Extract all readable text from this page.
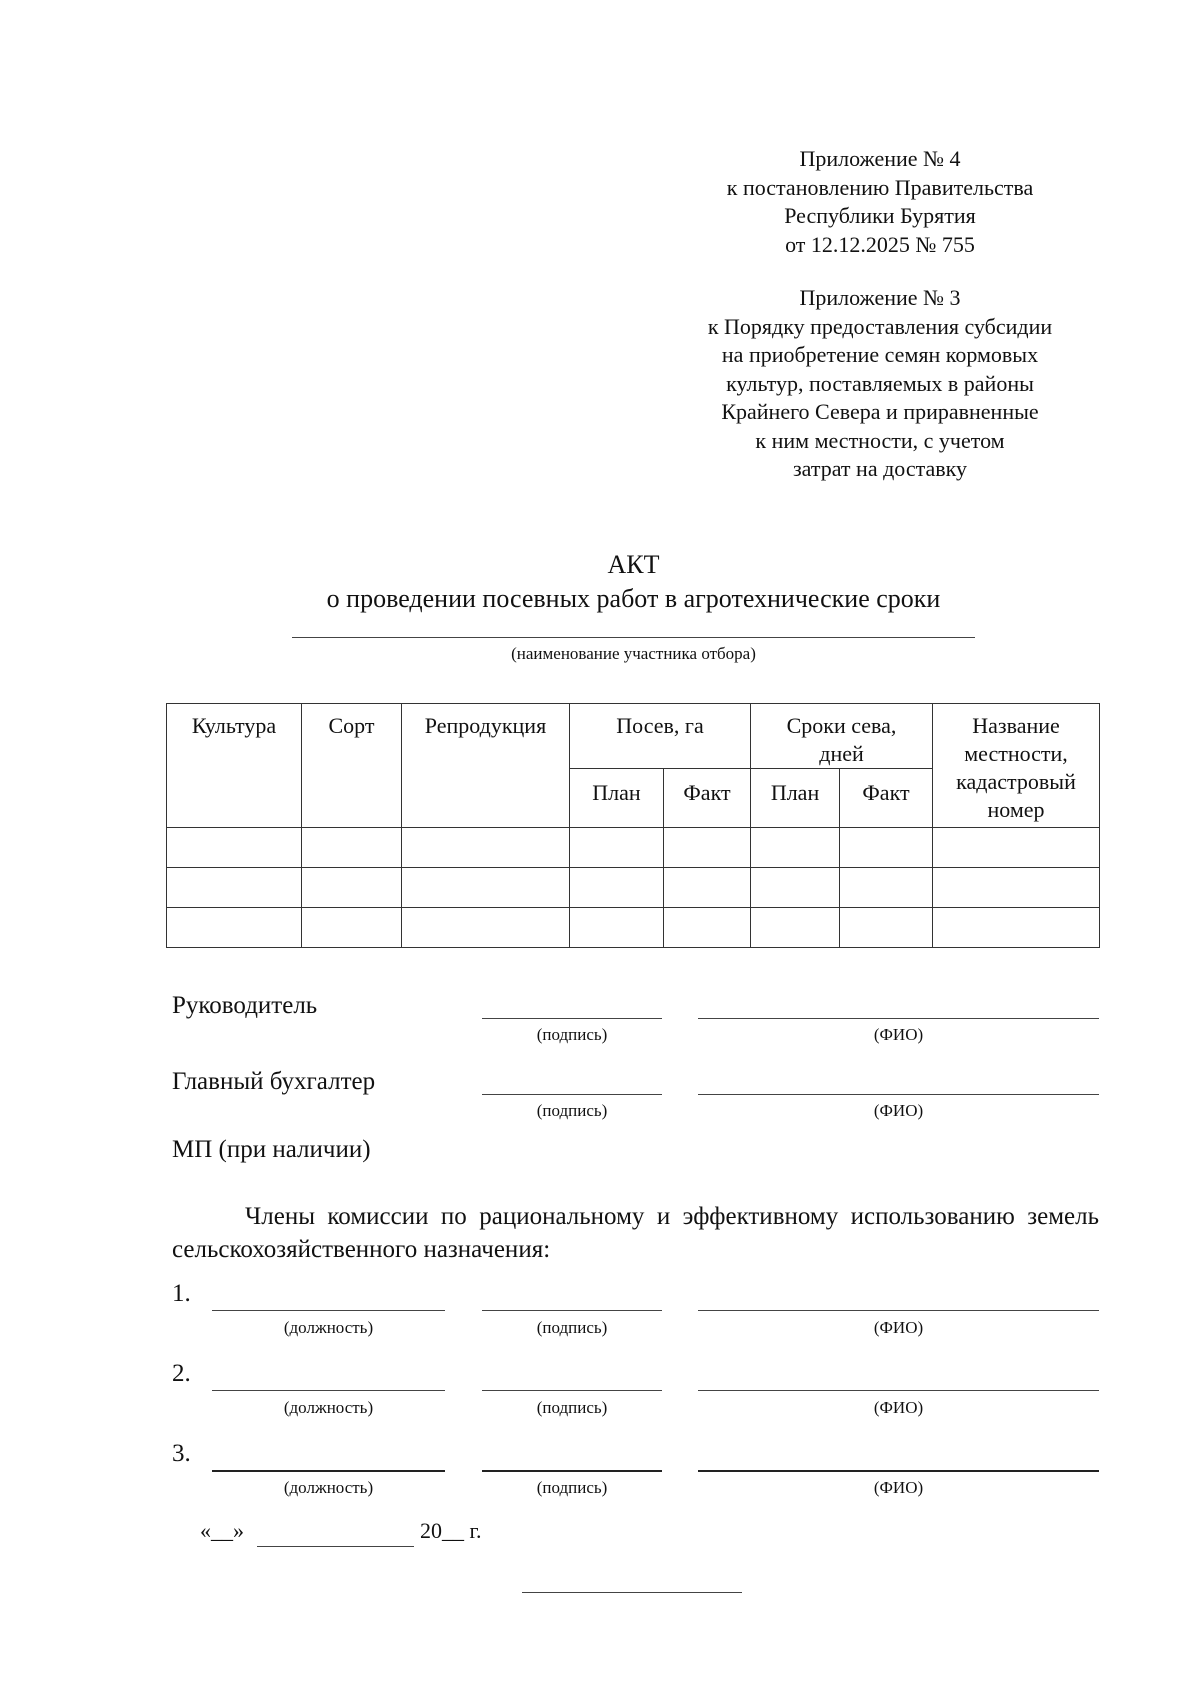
Приложение № 4
к постановлению Правительства
Республики Бурятия
от 12.12.2025 № 755
Приложение № 3
к Порядку предоставления субсидии
на приобретение семян кормовых
культур, поставляемых в районы
Крайнего Севера и приравненные
к ним местности, с учетом
затрат на доставку
АКТ
о проведении посевных работ в агротехнические сроки
(наименование участника отбора)
Культура	Сорт	Репродукция	Посев, га		Сроки сева, дней		Название местности, кадастровый номер
			План	Факт	План	Факт	

Руководитель
(подпись)	(ФИО)
Главный бухгалтер
(подпись)	(ФИО)
МП (при наличии)
Члены комиссии по рациональному и эффективному использованию земель сельскохозяйственного назначения:
1.
(должность)	(подпись)	(ФИО)
2.
(должность)	(подпись)	(ФИО)
3.
(должность)	(подпись)	(ФИО)
«__»	20__ г.
